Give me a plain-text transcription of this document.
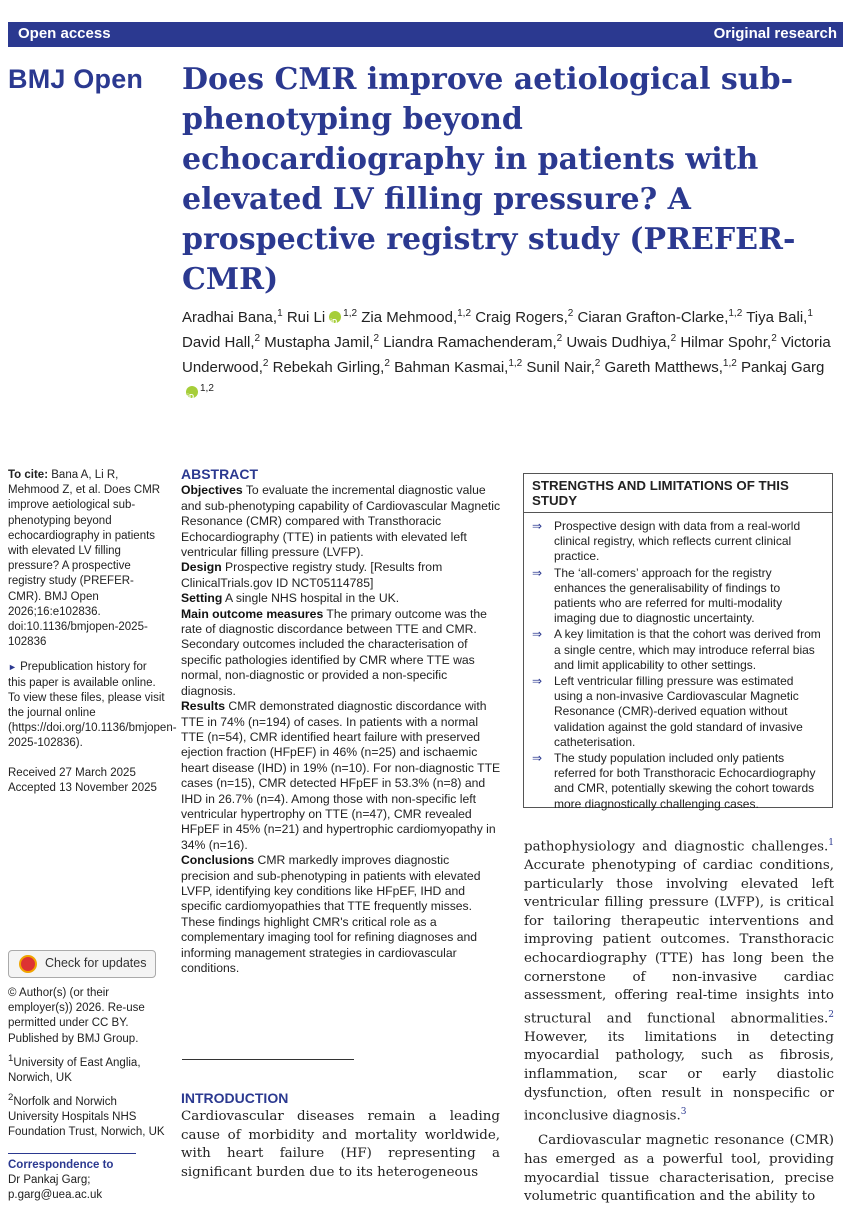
Open access	Original research
BMJ Open Does CMR improve aetiological sub-phenotyping beyond echocardiography in patients with elevated LV filling pressure? A prospective registry study (PREFER-CMR)
Aradhai Bana,$^1$ Rui LiiD $^{1,2}$ Zia Mehmood,$^{1,2}$ Craig Rogers,$^2$ Ciaran Grafton-Clarke,$^{1,2}$ Tiya Bali,$^1$ David Hall,$^2$ Mustapha Jamil,$^2$ Liandra Ramachenderam,$^2$ Uwais Dudhiya,$^2$ Hilmar Spohr,$^2$ Victoria Underwood,$^2$ Rebekah Girling,$^2$ Bahman Kasmai,$^{1,2}$ Sunil Nair,$^2$ Gareth Matthews,$^{1,2}$ Pankaj GargiD$^{1,2}$

To cite: Bana A, Li R, Mehmood Z, et al. Does CMR improve aetiological sub-phenotyping beyond echocardiography in patients with elevated LV filling pressure? A prospective registry study (PREFER-CMR). BMJ Open 2026;16:e102836. doi:10.1136/bmjopen-2025-102836

► Prepublication history for this paper is available online. To view these files, please visit the journal online (https://doi.org/10.1136/bmjopen-2025-102836).

Received 27 March 2025

Accepted 13 November 2025

Check for updates

© Author(s) (or their employer(s)) 2026. Re-use permitted under CC BY. Published by BMJ Group.

$^1$University of East Anglia, Norwich, UK

$^2$Norfolk and Norwich University Hospitals NHS Foundation Trust, Norwich, UK

Correspondence to

Dr Pankaj Garg;

p.garg@uea.ac.uk

ABSTRACT

Objectives To evaluate the incremental diagnostic value and sub-phenotyping capability of Cardiovascular Magnetic Resonance (CMR) compared with Transthoracic Echocardiography (TTE) in patients with elevated left ventricular filling pressure (LVFP).

Design Prospective registry study. [Results from ClinicalTrials.gov ID NCT05114785]

Setting A single NHS hospital in the UK.

Main outcome measures The primary outcome was the rate of diagnostic discordance between TTE and CMR. Secondary outcomes included the characterisation of specific pathologies identified by CMR where TTE was normal, non-diagnostic or provided a non-specific diagnosis.

Results CMR demonstrated diagnostic discordance with TTE in 74% (n=194) of cases. In patients with a normal TTE (n=54), CMR identified heart failure with preserved ejection fraction (HFpEF) in 46% (n=25) and ischaemic heart disease (IHD) in 19% (n=10). For non-diagnostic TTE cases (n=15), CMR detected HFpEF in 53.3% (n=8) and IHD in 26.7% (n=4). Among those with non-specific left ventricular hypertrophy on TTE (n=47), CMR revealed HFpEF in 45% (n=21) and hypertrophic cardiomyopathy in 34% (n=16).

Conclusions CMR markedly improves diagnostic precision and sub-phenotyping in patients with elevated LVFP, identifying key conditions like HFpEF, IHD and specific cardiomyopathies that TTE frequently misses. These findings highlight CMR's critical role as a complementary imaging tool for refining diagnoses and informing management strategies in cardiovascular conditions.

INTRODUCTION
Cardiovascular diseases remain a leading cause of morbidity and mortality worldwide, with heart failure (HF) representing a significant burden due to its heterogeneous
STRENGTHS AND LIMITATIONS OF THIS STUDY
⇒ Prospective design with data from a real-world clinical registry, which reflects current clinical practice.
⇒ The ‘all-comers’ approach for the registry enhances the generalisability of findings to patients who are referred for multi-modality imaging due to diagnostic uncertainty.
⇒ A key limitation is that the cohort was derived from a single centre, which may introduce referral bias and limit applicability to other settings.
⇒ Left ventricular filling pressure was estimated using a non-invasive Cardiovascular Magnetic Resonance (CMR)-derived equation without validation against the gold standard of invasive catheterisation.
⇒ The study population included only patients referred for both Transthoracic Echocardiography and CMR, potentially skewing the cohort towards more diagnostically challenging cases.

pathophysiology and diagnostic challenges.$^1$ Accurate phenotyping of cardiac conditions, particularly those involving elevated left ventricular filling pressure (LVFP), is critical for tailoring therapeutic interventions and improving patient outcomes. Transthoracic echocardiography (TTE) has long been the cornerstone of non-invasive cardiac assessment, offering real-time insights into structural and functional abnormalities.$^2$ However, its limitations in detecting myocardial pathology, such as fibrosis, inflammation, scar or early diastolic dysfunction, often result in nonspecific or inconclusive diagnosis.$^3$

Cardiovascular magnetic resonance (CMR) has emerged as a powerful tool, providing myocardial tissue characterisation, precise volumetric quantification and the ability to
